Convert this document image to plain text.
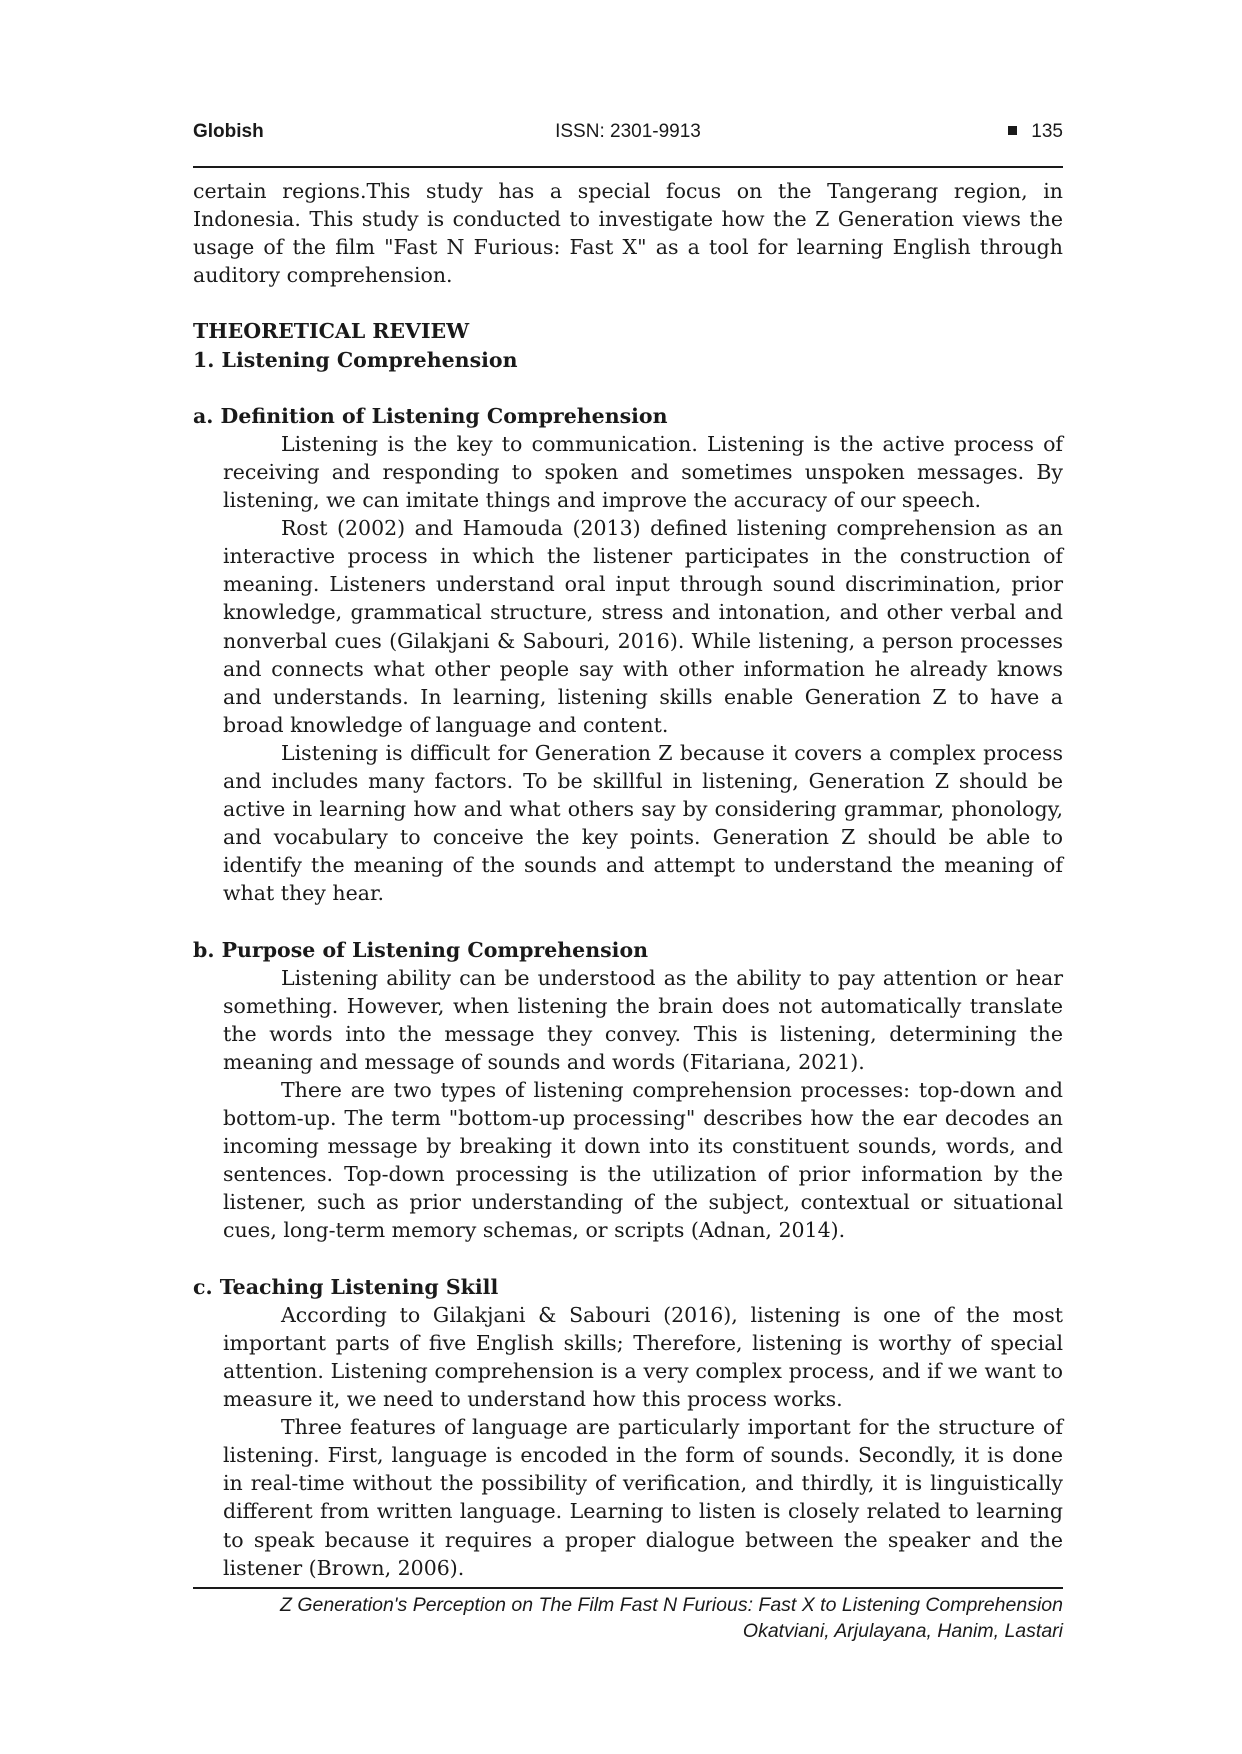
Globish	ISSN: 2301-9913	135

certain regions.This study has a special focus on the Tangerang region, in Indonesia. This study is conducted to investigate how the Z Generation views the usage of the film "Fast N Furious: Fast X" as a tool for learning English through auditory comprehension.

THEORETICAL REVIEW

1. Listening Comprehension

a. Definition of Listening Comprehension

Listening is the key to communication. Listening is the active process of receiving and responding to spoken and sometimes unspoken messages. By listening, we can imitate things and improve the accuracy of our speech.

Rost (2002) and Hamouda (2013) defined listening comprehension as an interactive process in which the listener participates in the construction of meaning. Listeners understand oral input through sound discrimination, prior knowledge, grammatical structure, stress and intonation, and other verbal and nonverbal cues (Gilakjani & Sabouri, 2016). While listening, a person processes and connects what other people say with other information he already knows and understands. In learning, listening skills enable Generation Z to have a broad knowledge of language and content.

Listening is difficult for Generation Z because it covers a complex process and includes many factors. To be skillful in listening, Generation Z should be active in learning how and what others say by considering grammar, phonology, and vocabulary to conceive the key points. Generation Z should be able to identify the meaning of the sounds and attempt to understand the meaning of what they hear.

b. Purpose of Listening Comprehension

Listening ability can be understood as the ability to pay attention or hear something. However, when listening the brain does not automatically translate the words into the message they convey. This is listening, determining the meaning and message of sounds and words (Fitariana, 2021).

There are two types of listening comprehension processes: top-down and bottom-up. The term "bottom-up processing" describes how the ear decodes an incoming message by breaking it down into its constituent sounds, words, and sentences. Top-down processing is the utilization of prior information by the listener, such as prior understanding of the subject, contextual or situational cues, long-term memory schemas, or scripts (Adnan, 2014).

c. Teaching Listening Skill

According to Gilakjani & Sabouri (2016), listening is one of the most important parts of five English skills; Therefore, listening is worthy of special attention. Listening comprehension is a very complex process, and if we want to measure it, we need to understand how this process works.

Three features of language are particularly important for the structure of listening. First, language is encoded in the form of sounds. Secondly, it is done in real-time without the possibility of verification, and thirdly, it is linguistically different from written language. Learning to listen is closely related to learning to speak because it requires a proper dialogue between the speaker and the listener (Brown, 2006).

Z Generation's Perception on The Film Fast N Furious: Fast X to Listening Comprehension
Okatviani, Arjulayana, Hanim, Lastari
